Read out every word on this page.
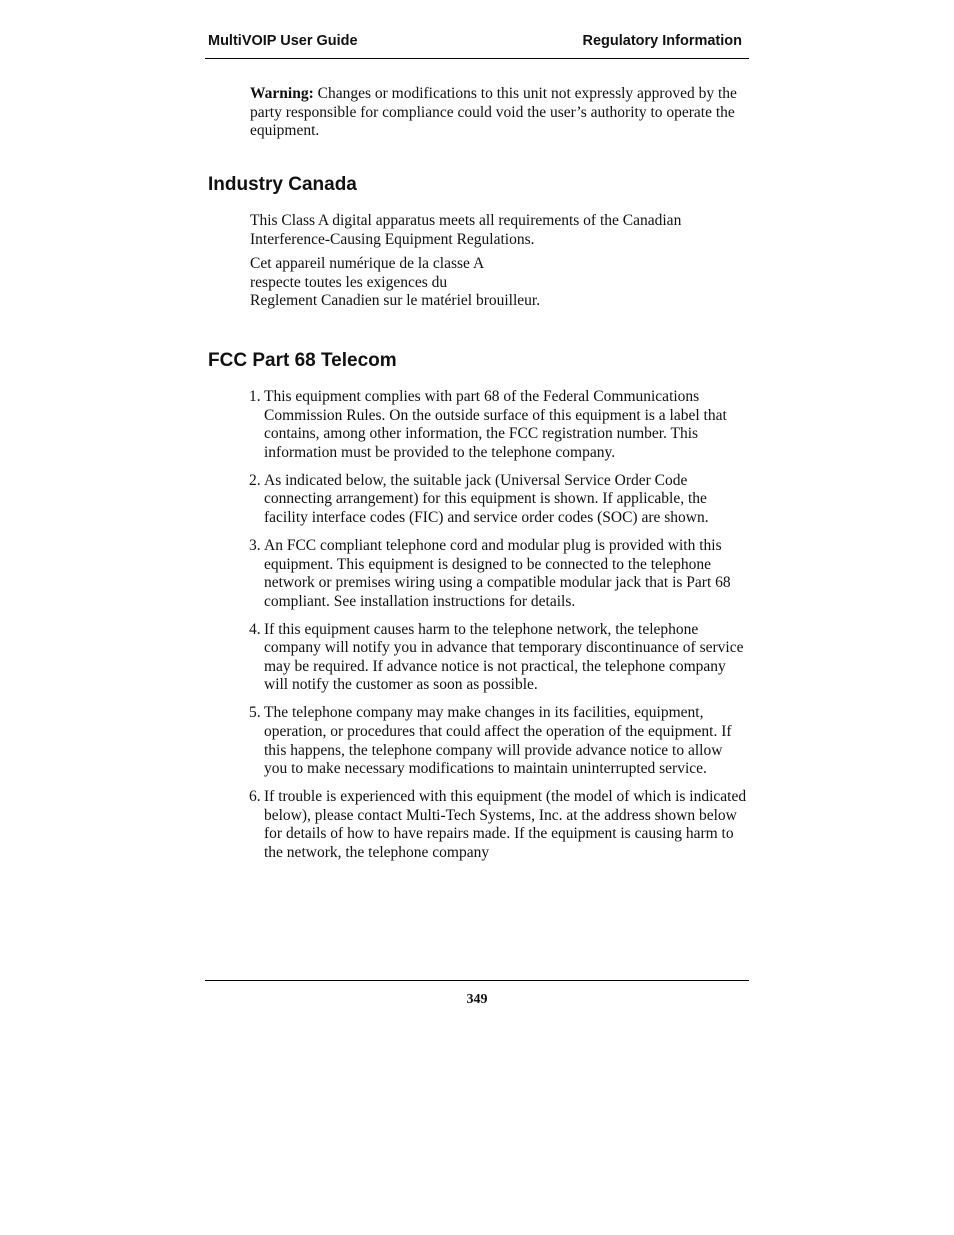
MultiVOIP User Guide	Regulatory Information

Warning: Changes or modifications to this unit not expressly approved by the party responsible for compliance could void the user’s authority to operate the equipment.

Industry Canada

This Class A digital apparatus meets all requirements of the Canadian Interference-Causing Equipment Regulations.

Cet appareil numérique de la classe A
respecte toutes les exigences du
Reglement Canadien sur le matériel brouilleur.

FCC Part 68 Telecom
1. This equipment complies with part 68 of the Federal Communications Commission Rules. On the outside surface of this equipment is a label that contains, among other information, the FCC registration number. This information must be provided to the telephone company.
2. As indicated below, the suitable jack (Universal Service Order Code connecting arrangement) for this equipment is shown. If applicable, the facility interface codes (FIC) and service order codes (SOC) are shown.
3. An FCC compliant telephone cord and modular plug is provided with this equipment. This equipment is designed to be connected to the telephone network or premises wiring using a compatible modular jack that is Part 68 compliant. See installation instructions for details.
4. If this equipment causes harm to the telephone network, the telephone company will notify you in advance that temporary discontinuance of service may be required. If advance notice is not practical, the telephone company will notify the customer as soon as possible.
5. The telephone company may make changes in its facilities, equipment, operation, or procedures that could affect the operation of the equipment. If this happens, the telephone company will provide advance notice to allow you to make necessary modifications to maintain uninterrupted service.
6. If trouble is experienced with this equipment (the model of which is indicated below), please contact Multi-Tech Systems, Inc. at the address shown below for details of how to have repairs made. If the equipment is causing harm to the network, the telephone company
349
